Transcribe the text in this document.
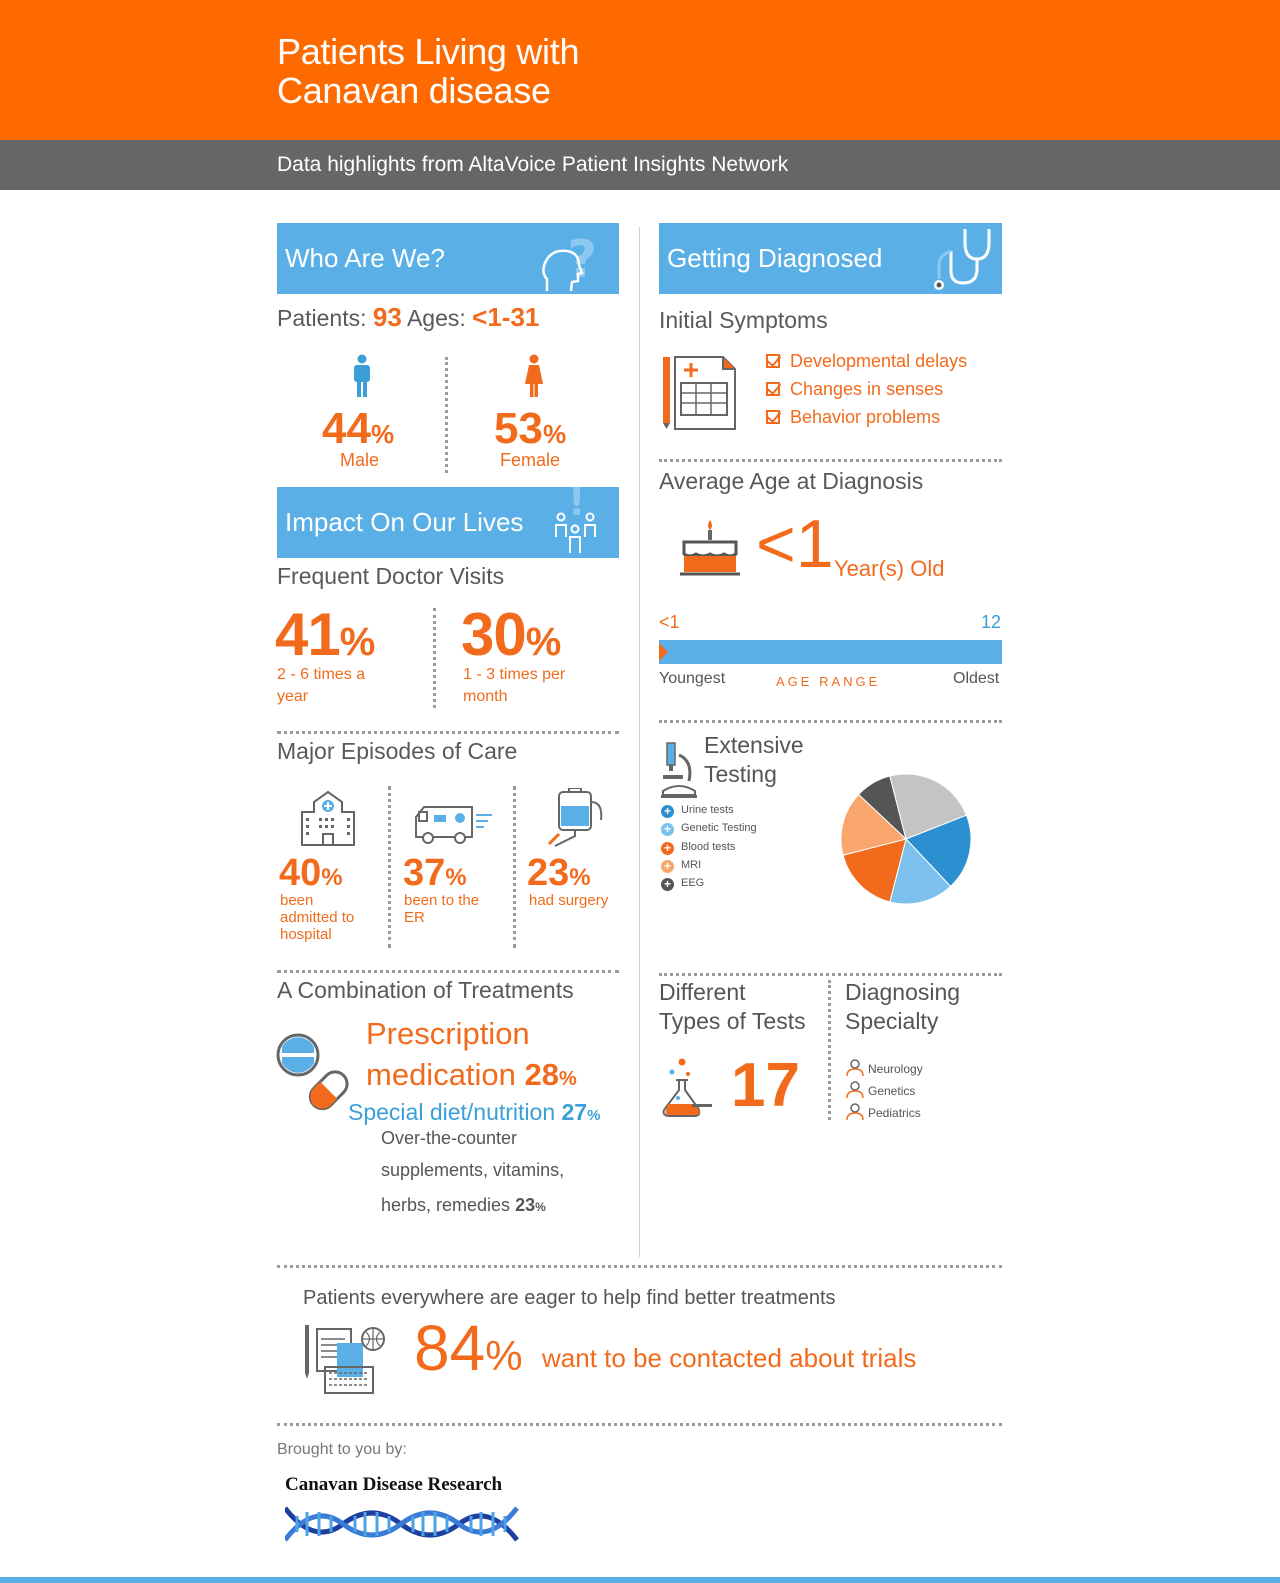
Patients Living with
Canavan disease
Data highlights from AltaVoice Patient Insights Network
Who Are We? ?
Patients: 93 Ages: <1-31
44%
Male
53%
Female
Impact On Our Lives !
Frequent Doctor Visits
41%
2 - 6 times a year
30%
1 - 3 times per month
Major Episodes of Care
40%
been admitted to hospital
37%
been to the ER
23%
had surgery
A Combination of Treatments
Prescription
medication 28%
Special diet/nutrition 27%
Over-the-counter
supplements, vitamins,
herbs, remedies 23%
Getting Diagnosed
Initial Symptoms
Developmental delays
Changes in senses
Behavior problems
Average Age at Diagnosis
<1 Year(s) Old
<1	12
Youngest	AGE RANGE	Oldest
Extensive
Testing
+ Urine tests
+ Genetic Testing
+ Blood tests
+ MRI
+ EEG
Different
Types of Tests
17
Diagnosing
Specialty
Neurology
Genetics
Pediatrics
Patients everywhere are eager to help find better treatments
84% want to be contacted about trials
Brought to you by:
Canavan Disease Research
